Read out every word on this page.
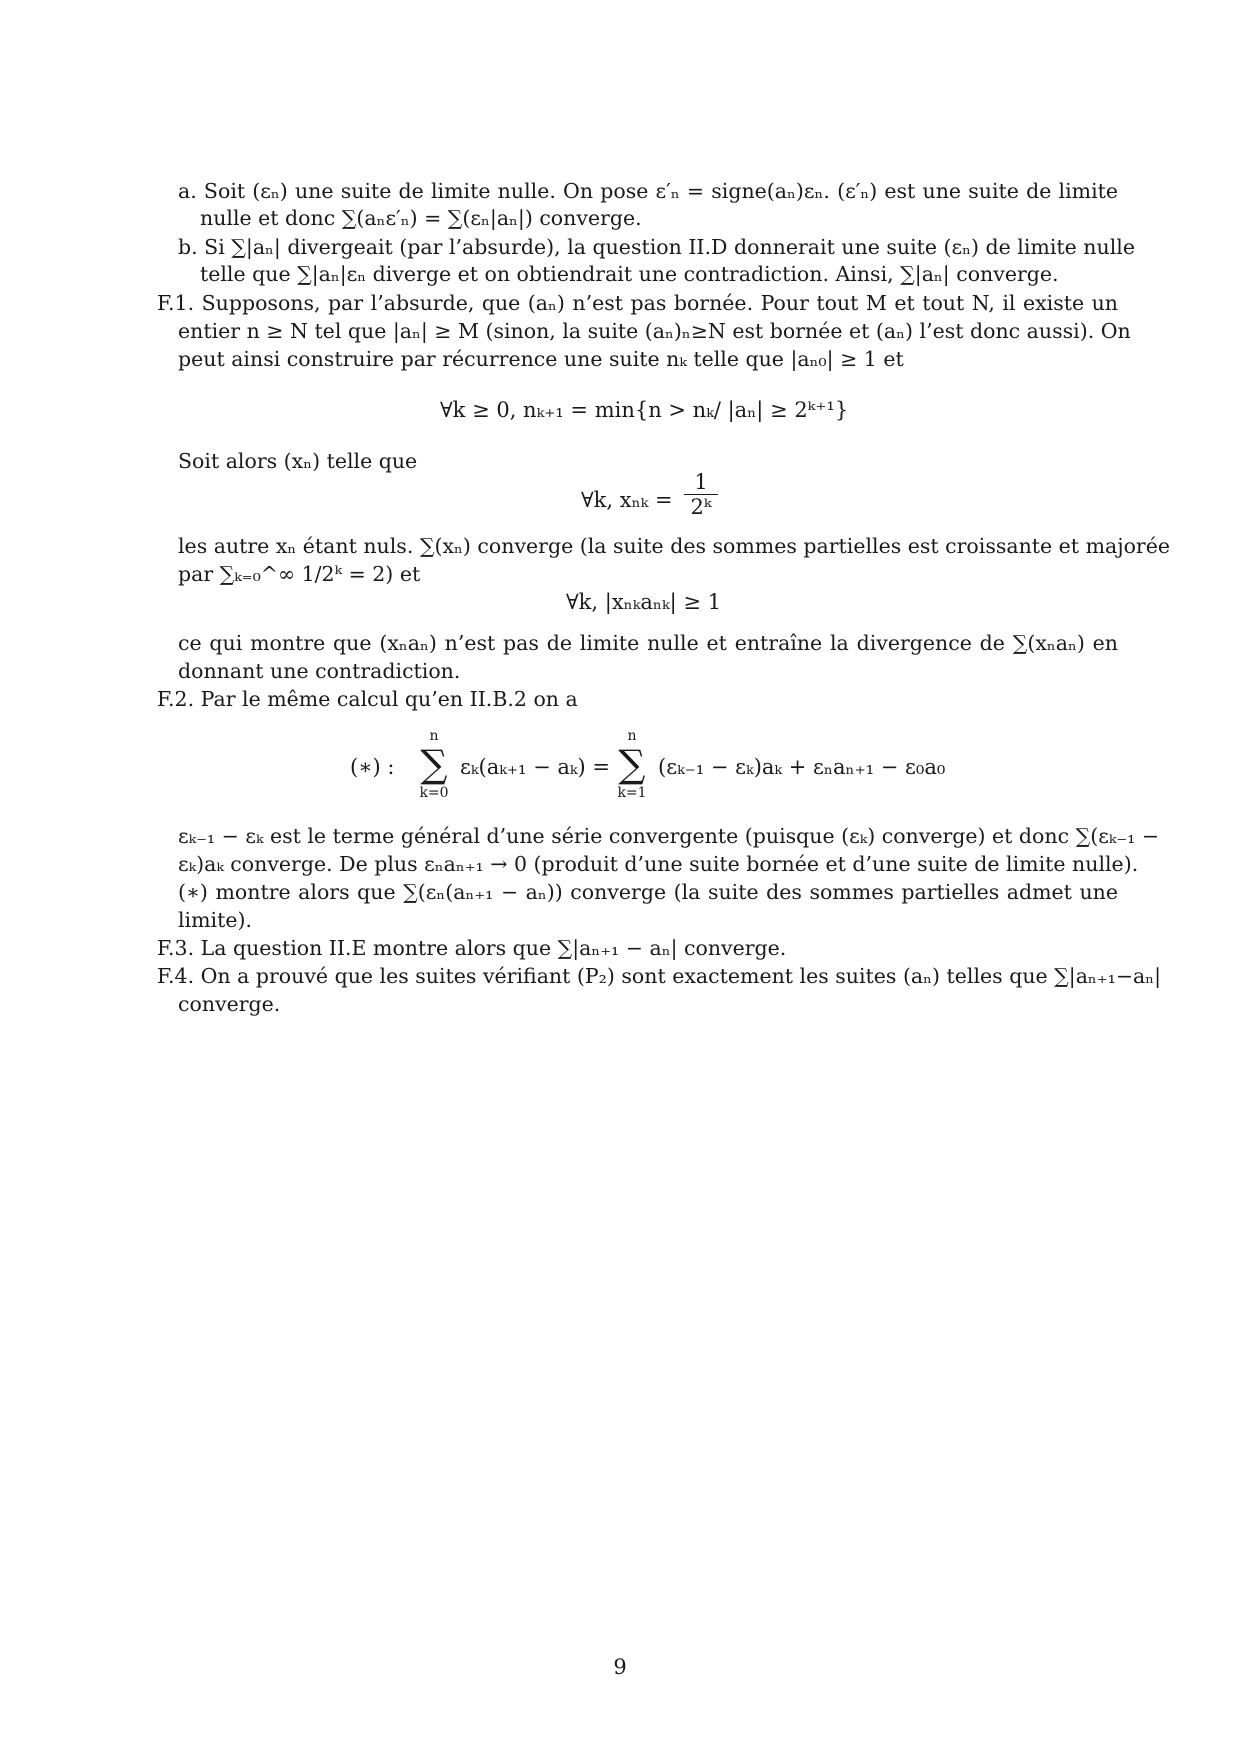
a. Soit (εₙ) une suite de limite nulle. On pose ε′ₙ = signe(aₙ)εₙ. (ε′ₙ) est une suite de limite
nulle et donc ∑(aₙε′ₙ) = ∑(εₙ|aₙ|) converge.
b. Si ∑|aₙ| divergeait (par l’absurde), la question II.D donnerait une suite (εₙ) de limite nulle
telle que ∑|aₙ|εₙ diverge et on obtiendrait une contradiction. Ainsi, ∑|aₙ| converge.
F.1. Supposons, par l’absurde, que (aₙ) n’est pas bornée. Pour tout M et tout N, il existe un
entier n ≥ N tel que |aₙ| ≥ M (sinon, la suite (aₙ)ₙ≥N est bornée et (aₙ) l’est donc aussi). On
peut ainsi construire par récurrence une suite nₖ telle que |aₙ₀| ≥ 1 et
∀k ≥ 0, nₖ₊₁ = min{n > nₖ/ |aₙ| ≥ 2ᵏ⁺¹}
Soit alors (xₙ) telle que
∀k, $x_{nk} = \frac{1}{\text{2ᵏ}}$
les autre xₙ étant nuls. ∑(xₙ) converge (la suite des sommes partielles est croissante et majorée
par ∑ₖ₌₀^∞ 1/2ᵏ = 2) et
∀k, |xₙₖaₙₖ| ≥ 1
ce qui montre que (xₙaₙ) n’est pas de limite nulle et entraîne la divergence de ∑(xₙaₙ) en
donnant une contradiction.
F.2. Par le même calcul qu’en II.B.2 on a
(∗) :
n
∑
k=0
εₖ(aₖ₊₁ − aₖ) =
n
∑
k=1
(εₖ₋₁ − εₖ)aₖ + εₙaₙ₊₁ − ε₀a₀
εₖ₋₁ − εₖ est le terme général d’une série convergente (puisque (εₖ) converge) et donc ∑(εₖ₋₁ −
εₖ)aₖ converge. De plus εₙaₙ₊₁ → 0 (produit d’une suite bornée et d’une suite de limite nulle).
(∗) montre alors que ∑(εₙ(aₙ₊₁ − aₙ)) converge (la suite des sommes partielles admet une
limite).
F.3. La question II.E montre alors que ∑|aₙ₊₁ − aₙ| converge.
F.4. On a prouvé que les suites vérifiant (P₂) sont exactement les suites (aₙ) telles que ∑|aₙ₊₁−aₙ|
converge.
9
